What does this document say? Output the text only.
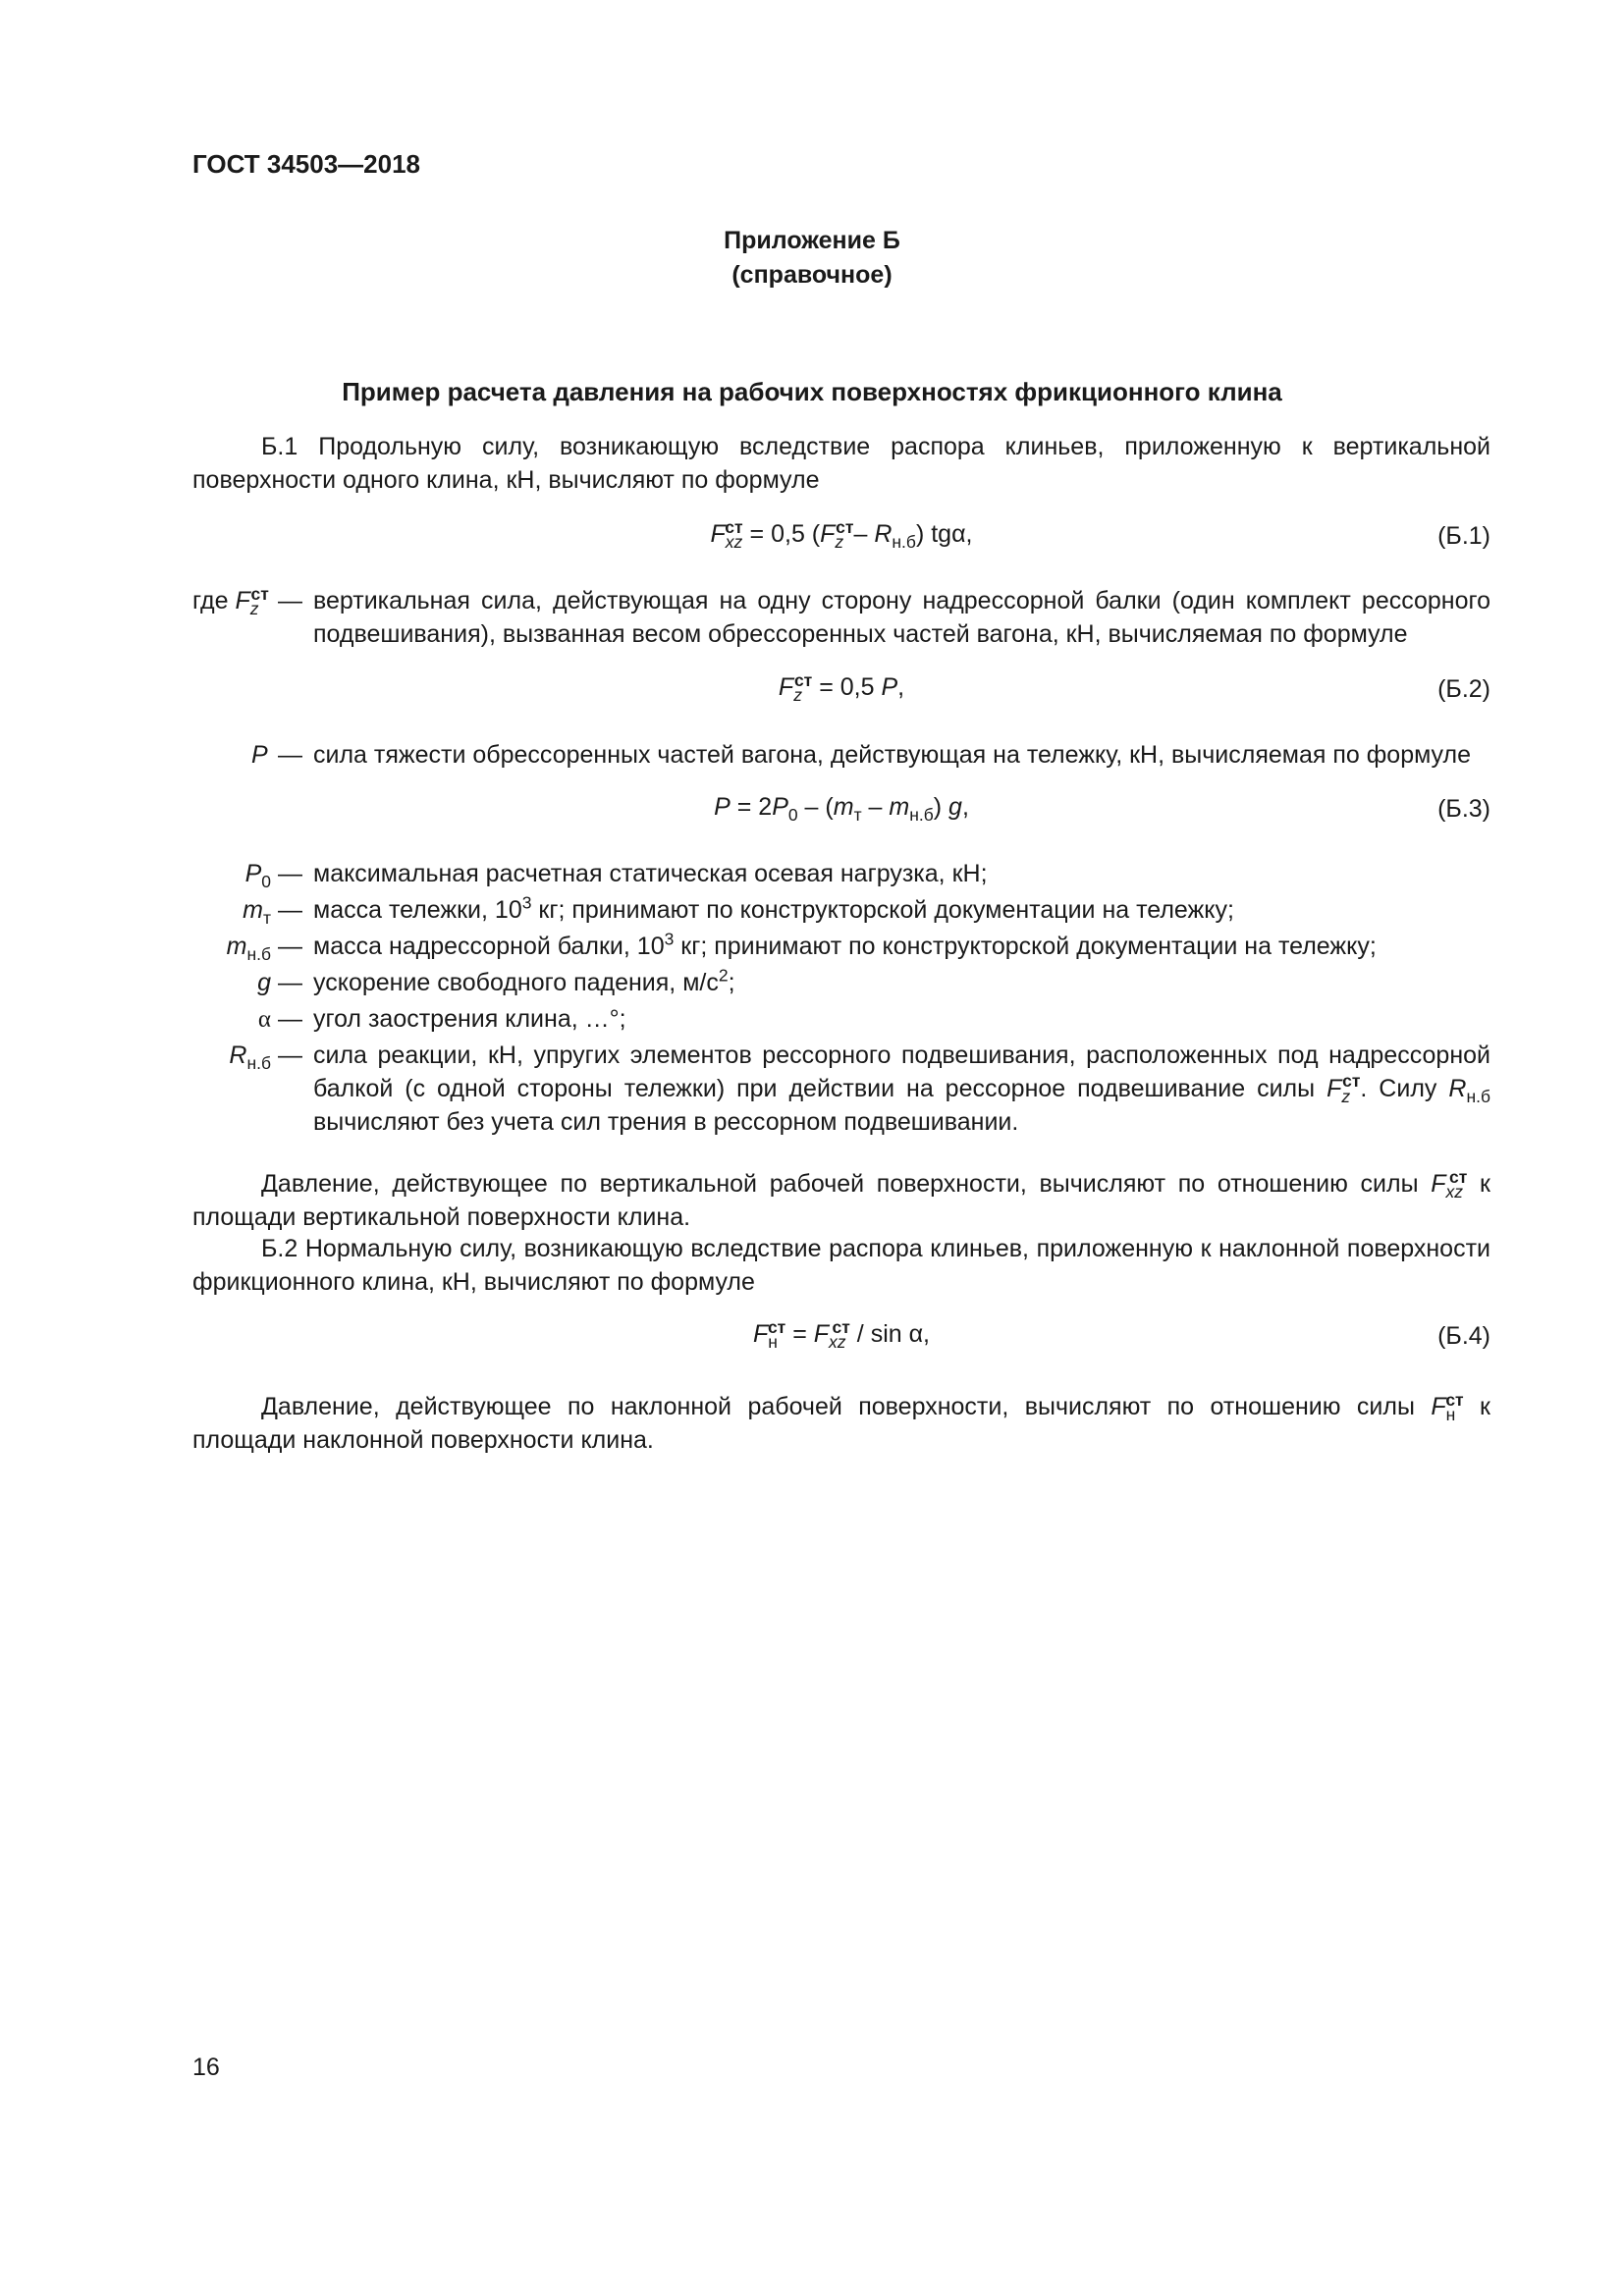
ГОСТ 34503—2018
Приложение Б
(справочное)
Пример расчета давления на рабочих поверхностях фрикционного клина
Б.1 Продольную силу, возникающую вследствие распора клиньев, приложенную к вертикальной поверхности одного клина, кН, вычисляют по формуле
$F_{xz}^{ст} = 0,5$ ($F_z^{ст}-$ $R_{н.б}$) tgα,	(Б.1)
где $F_z^{ст}$ — вертикальная сила, действующая на одну сторону надрессорной балки (один комплект рессорного подвешивания), вызванная весом обрессоренных частей вагона, кН, вычисляемая по формуле
$F_z^{ст} = 0,5$ P,	(Б.2)
P — сила тяжести обрессоренных частей вагона, действующая на тележку, кН, вычисляемая по формуле
$P = 2P_0 - (m_т - m_{н.б})$ g,	(Б.3)
$P_0$ — максимальная расчетная статическая осевая нагрузка, кН;
$m_т$ — масса тележки, $10^3$ кг; принимают по конструкторской документации на тележку;
$m_{н.б}$ — масса надрессорной балки, $10^3$ кг; принимают по конструкторской документации на тележку;
g — ускорение свободного падения, $м/с^2$;
α — угол заострения клина, …°;
$R_{н.б}$ — сила реакции, кН, упругих элементов рессорного подвешивания, расположенных под надрессорной балкой (с одной стороны тележки) при действии на рессорное подвешивание силы $F_z^{ст}$. Силу $R_{н.б}$ вычисляют без учета сил трения в рессорном подвешивании.
Давление, действующее по вертикальной рабочей поверхности, вычисляют по отношению силы $F_{xz}^{ст}$ к площади вертикальной поверхности клина.
Б.2 Нормальную силу, возникающую вследствие распора клиньев, приложенную к наклонной поверхности фрикционного клина, кН, вычисляют по формуле
$F_н^{ст} = F_{xz}^{ст} / \sin \alpha$,	(Б.4)
Давление, действующее по наклонной рабочей поверхности, вычисляют по отношению силы $F_н^{ст}$ к площади наклонной поверхности клина.
16
